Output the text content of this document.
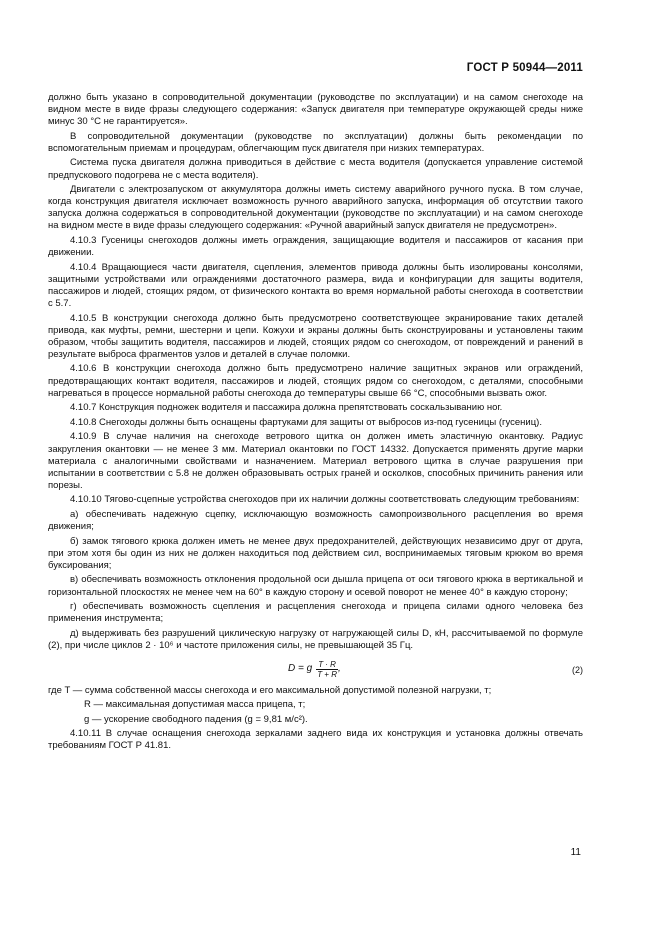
ГОСТ Р 50944—2011

должно быть указано в сопроводительной документации (руководстве по эксплуатации) и на самом снегоходе на видном месте в виде фразы следующего содержания: «Запуск двигателя при температуре окружающей среды ниже минус 30 °С не гарантируется».

В сопроводительной документации (руководстве по эксплуатации) должны быть рекомендации по вспомогательным приемам и процедурам, облегчающим пуск двигателя при низких температурах.

Система пуска двигателя должна приводиться в действие с места водителя (допускается управление системой предпускового подогрева не с места водителя).

Двигатели с электрозапуском от аккумулятора должны иметь систему аварийного ручного пуска. В том случае, когда конструкция двигателя исключает возможность ручного аварийного запуска, информация об отсутствии такого запуска должна содержаться в сопроводительной документации (руководстве по эксплуатации) и на самом снегоходе на видном месте в виде фразы следующего содержания: «Ручной аварийный запуск двигателя не предусмотрен».

4.10.3 Гусеницы снегоходов должны иметь ограждения, защищающие водителя и пассажиров от касания при движении.

4.10.4 Вращающиеся части двигателя, сцепления, элементов привода должны быть изолированы консолями, защитными устройствами или ограждениями достаточного размера, вида и конфигурации для защиты водителя, пассажиров и людей, стоящих рядом, от физического контакта во время нормальной работы снегохода в соответствии с 5.7.

4.10.5 В конструкции снегохода должно быть предусмотрено соответствующее экранирование таких деталей привода, как муфты, ремни, шестерни и цепи. Кожухи и экраны должны быть сконструированы и установлены таким образом, чтобы защитить водителя, пассажиров и людей, стоящих рядом со снегоходом, от повреждений и ранений в результате выброса фрагментов узлов и деталей в случае поломки.

4.10.6 В конструкции снегохода должно быть предусмотрено наличие защитных экранов или ограждений, предотвращающих контакт водителя, пассажиров и людей, стоящих рядом со снегоходом, с деталями, способными нагреваться в процессе нормальной работы снегохода до температуры свыше 66 °С, способными вызвать ожог.

4.10.7 Конструкция подножек водителя и пассажира должна препятствовать соскальзыванию ног.

4.10.8 Снегоходы должны быть оснащены фартуками для защиты от выбросов из-под гусеницы (гусениц).

4.10.9 В случае наличия на снегоходе ветрового щитка он должен иметь эластичную окантовку. Радиус закругления окантовки — не менее 3 мм. Материал окантовки по ГОСТ 14332. Допускается применять другие марки материала с аналогичными свойствами и назначением. Материал ветрового щитка в случае разрушения при испытании в соответствии с 5.8 не должен образовывать острых граней и осколков, способных причинить ранения или порезы.

4.10.10 Тягово-сцепные устройства снегоходов при их наличии должны соответствовать следующим требованиям:

а) обеспечивать надежную сцепку, исключающую возможность самопроизвольного расцепления во время движения;

б) замок тягового крюка должен иметь не менее двух предохранителей, действующих независимо друг от друга, при этом хотя бы один из них не должен находиться под действием сил, воспринимаемых тяговым крюком во время буксирования;

в) обеспечивать возможность отклонения продольной оси дышла прицепа от оси тягового крюка в вертикальной и горизонтальной плоскостях не менее чем на 60° в каждую сторону и осевой поворот не менее 40° в каждую сторону;

г) обеспечивать возможность сцепления и расцепления снегохода и прицепа силами одного человека без применения инструмента;

д) выдерживать без разрушений циклическую нагрузку от нагружающей силы D, кН, рассчитываемой по формуле (2), при числе циклов 2 · 10⁶ и частоте приложения силы, не превышающей 35 Гц.

D = g $\frac{T \cdot R}{T + R}$ ,	(2)

где T — сумма собственной массы снегохода и его максимальной допустимой полезной нагрузки, т;

R — максимальная допустимая масса прицепа, т;

g — ускорение свободного падения (g = 9,81 м/с²).

4.10.11 В случае оснащения снегохода зеркалами заднего вида их конструкция и установка должны отвечать требованиям ГОСТ Р 41.81.

11
